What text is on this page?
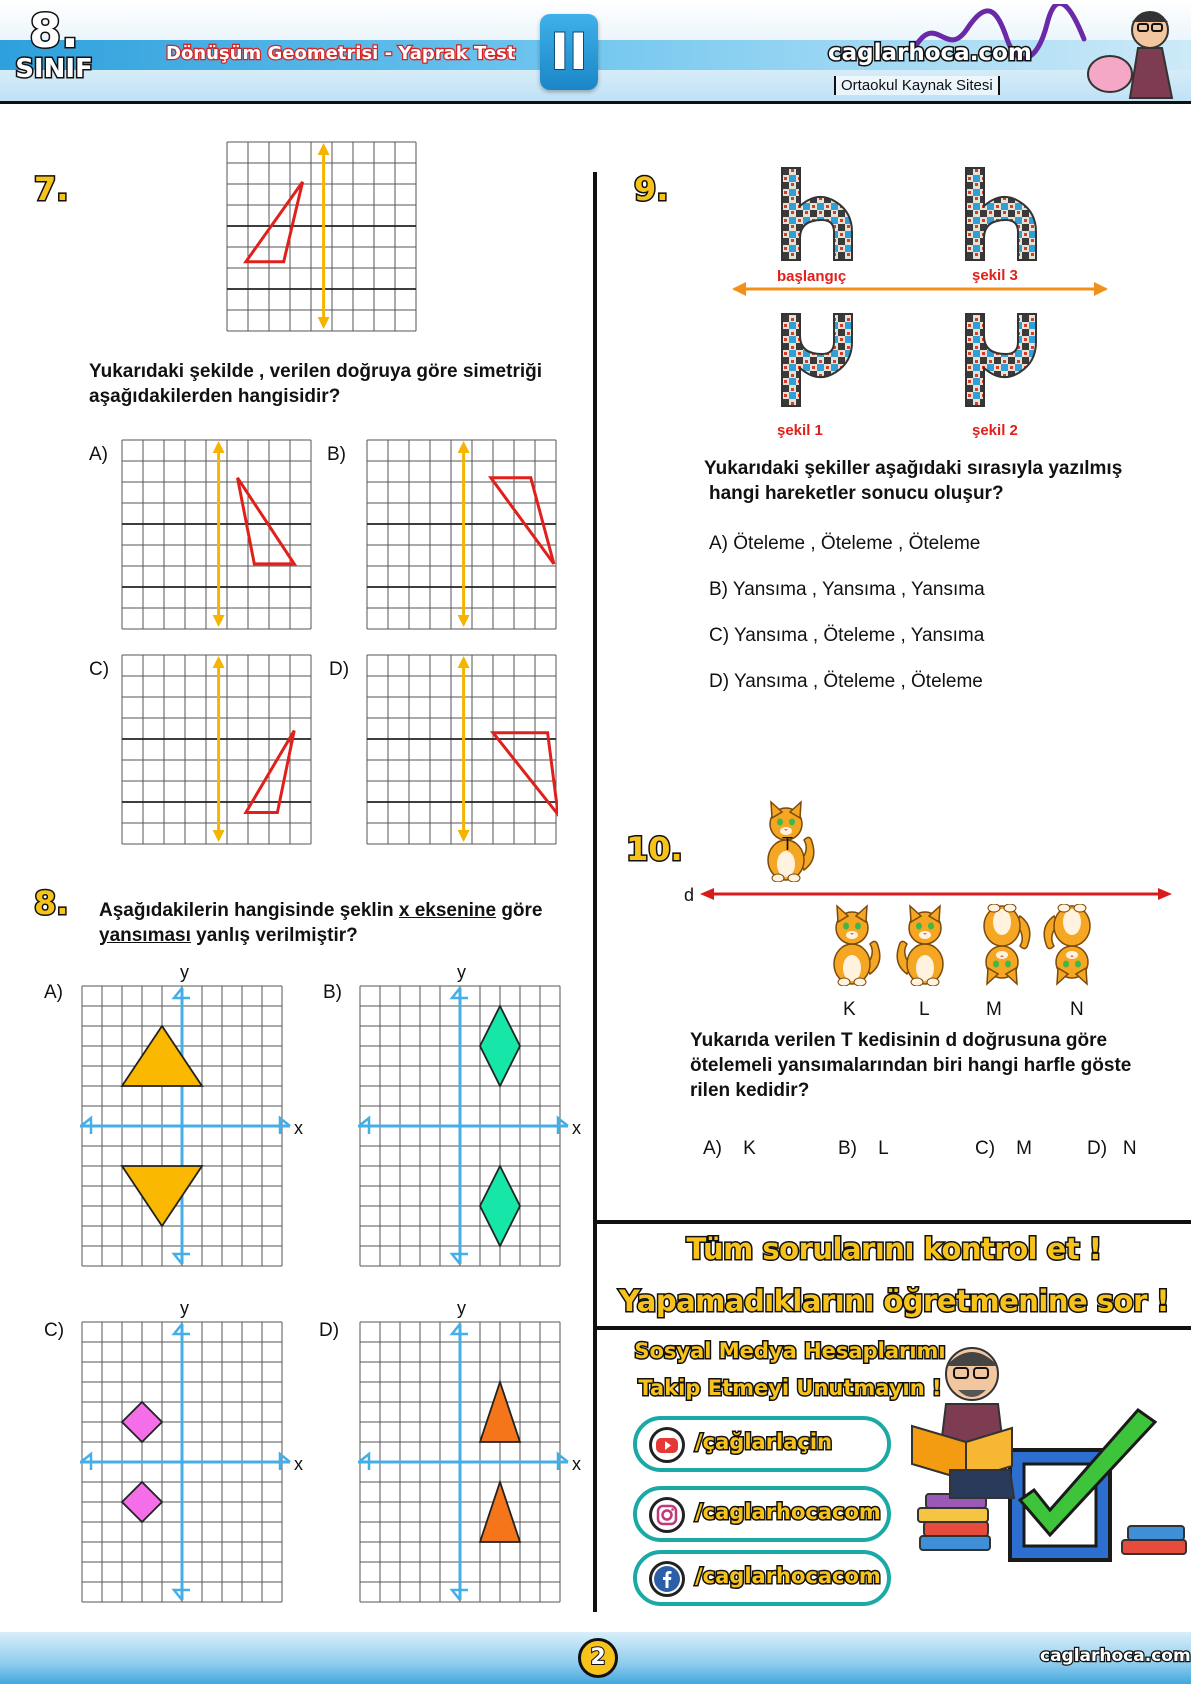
8.
SINIF
Dönüşüm Geometrisi - Yaprak Test II	caglarhoca.com
Ortaokul Kaynak Sitesi
7.
Yukarıdaki şekilde , verilen doğruya göre simetriği
aşağıdakilerden hangisidir?
A)	B)
C)	D)
8. Aşağıdakilerin hangisinde şeklin x eksenine göre
yansıması yanlış verilmiştir?
A)
y
x
B)
y
x
C)
y
x
D)
y
x
9.
başlangıç	şekil 3
şekil 1	şekil 2
Yukarıdaki şekiller aşağıdaki sırasıyla yazılmış
hangi hareketler sonucu oluşur?
A) Öteleme , Öteleme , Öteleme
B) Yansıma , Yansıma , Yansıma
C) Yansıma , Öteleme , Yansıma
D) Yansıma , Öteleme , Öteleme
10.	T
d
K	L	M	N
Yukarıda verilen T kedisinin d doğrusuna göre
ötelemeli yansımalarından biri hangi harfle göste
rilen kedidir?
A)    K	B)    L	C)    M	D)   N
Tüm sorularını kontrol et !
Yapamadıklarını öğretmenine sor !
Sosyal Medya Hesaplarımı
Takip Etmeyi Unutmayın !
/çağlarlaçin
/caglarhocacom
/caglarhocacom
2	caglarhoca.com
